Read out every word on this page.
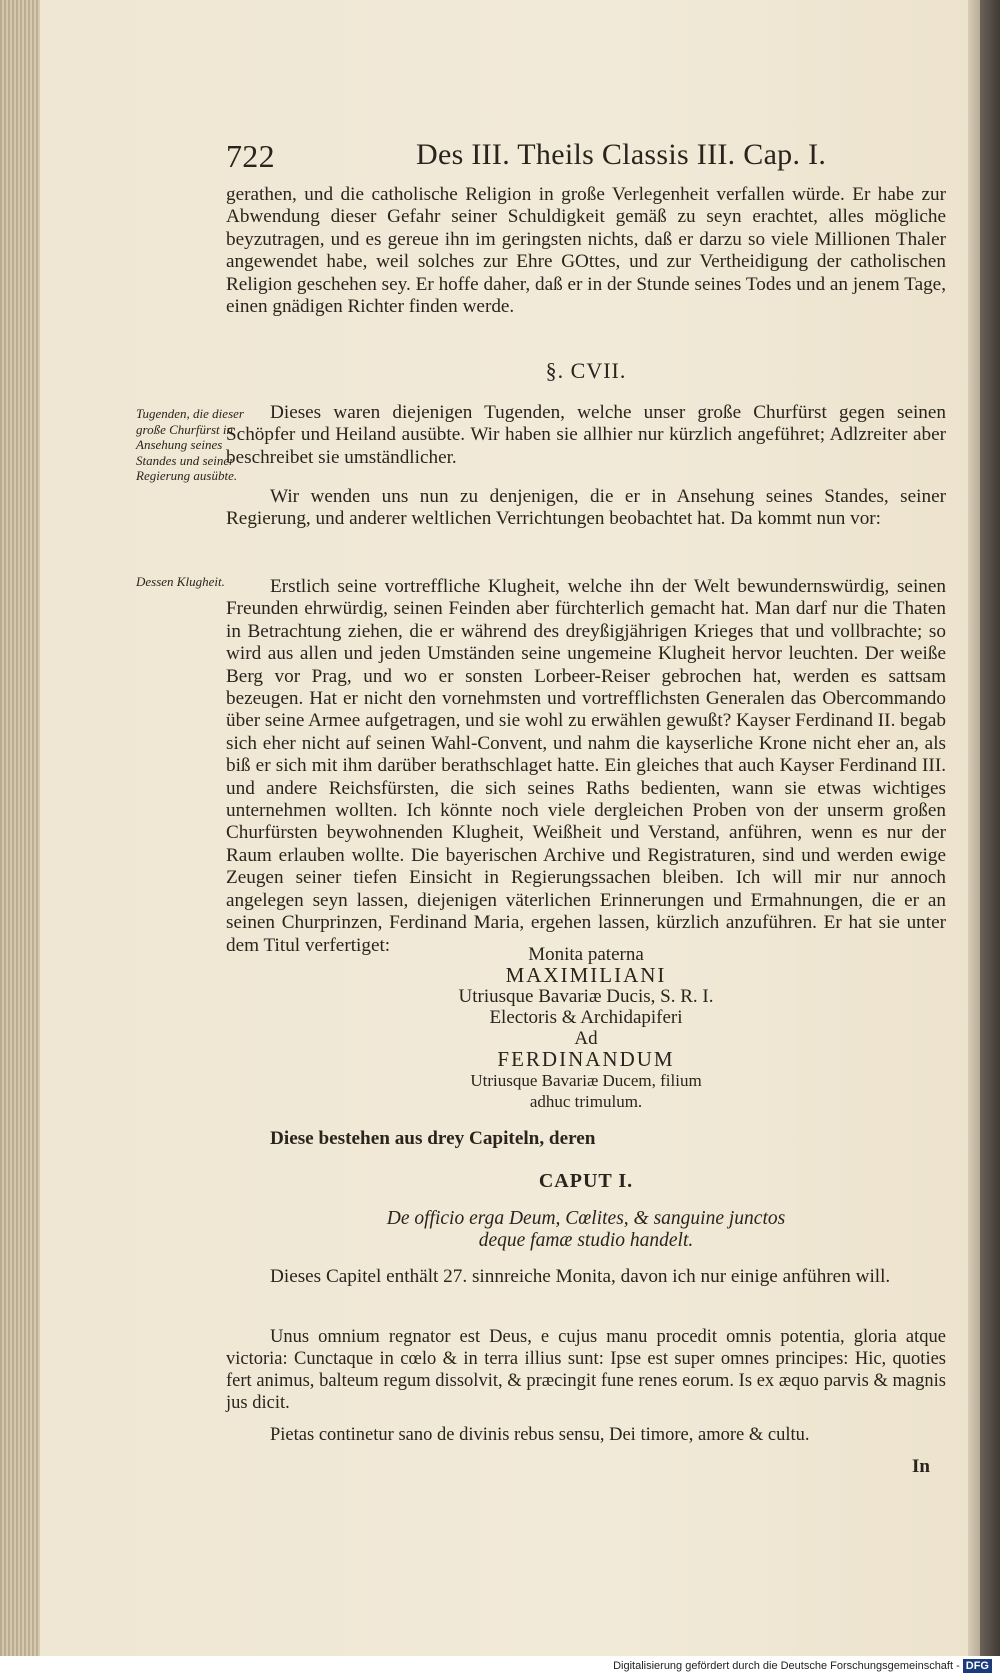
722	Des III. Theils Classis III. Cap. I.

gerathen, und die catholische Religion in große Verlegenheit verfallen würde. Er habe zur Abwendung dieser Gefahr seiner Schuldigkeit gemäß zu seyn erachtet, alles mögliche beyzutragen, und es gereue ihn im geringsten nichts, daß er darzu so viele Millionen Thaler angewendet habe, weil solches zur Ehre GOttes, und zur Vertheidigung der catholischen Religion geschehen sey. Er hoffe daher, daß er in der Stunde seines Todes und an jenem Tage, einen gnädigen Richter finden werde.

§. CVII.
Tugenden, die dieser große Churfürst in Ansehung seines Standes und seiner Regierung ausübte.
Dessen Klugheit.

Dieses waren diejenigen Tugenden, welche unser große Churfürst gegen seinen Schöpfer und Heiland ausübte. Wir haben sie allhier nur kürzlich angeführet; Adlzreiter aber beschreibet sie umständlicher.

Wir wenden uns nun zu denjenigen, die er in Ansehung seines Standes, seiner Regierung, und anderer weltlichen Verrichtungen beobachtet hat. Da kommt nun vor:

Erstlich seine vortreffliche Klugheit, welche ihn der Welt bewundernswürdig, seinen Freunden ehrwürdig, seinen Feinden aber fürchterlich gemacht hat. Man darf nur die Thaten in Betrachtung ziehen, die er während des dreyßigjährigen Krieges that und vollbrachte; so wird aus allen und jeden Umständen seine ungemeine Klugheit hervor leuchten. Der weiße Berg vor Prag, und wo er sonsten Lorbeer-Reiser gebrochen hat, werden es sattsam bezeugen. Hat er nicht den vornehmsten und vortrefflichsten Generalen das Obercommando über seine Armee aufgetragen, und sie wohl zu erwählen gewußt? Kayser Ferdinand II. begab sich eher nicht auf seinen Wahl-Convent, und nahm die kayserliche Krone nicht eher an, als biß er sich mit ihm darüber berathschlaget hatte. Ein gleiches that auch Kayser Ferdinand III. und andere Reichsfürsten, die sich seines Raths bedienten, wann sie etwas wichtiges unternehmen wollten. Ich könnte noch viele dergleichen Proben von der unserm großen Churfürsten beywohnenden Klugheit, Weißheit und Verstand, anführen, wenn es nur der Raum erlauben wollte. Die bayerischen Archive und Registraturen, sind und werden ewige Zeugen seiner tiefen Einsicht in Regierungssachen bleiben. Ich will mir nur annoch angelegen seyn lassen, diejenigen väterlichen Erinnerungen und Ermahnungen, die er an seinen Churprinzen, Ferdinand Maria, ergehen lassen, kürzlich anzuführen. Er hat sie unter dem Titul verfertiget:	Monita paterna
MAXIMILIANI
Utriusque Bavariæ Ducis, S. R. I.
Electoris & Archidapiferi
Ad
FERDINANDUM
Utriusque Bavariæ Ducem, filium
adhuc trimulum.

Diese bestehen aus drey Capiteln, deren

CAPUT I.
De officio erga Deum, Cœlites, & sanguine junctos
deque famæ studio handelt.

Dieses Capitel enthält 27. sinnreiche Monita, davon ich nur einige anführen will.

Unus omnium regnator est Deus, e cujus manu procedit omnis potentia, gloria atque victoria: Cunctaque in cœlo & in terra illius sunt: Ipse est super omnes principes: Hic, quoties fert animus, balteum regum dissolvit, & præcingit fune renes eorum. Is ex æquo parvis & magnis jus dicit.

Pietas continetur sano de divinis rebus sensu, Dei timore, amore & cultu.

In
Digitalisierung gefördert durch die Deutsche Forschungsgemeinschaft - DFG
